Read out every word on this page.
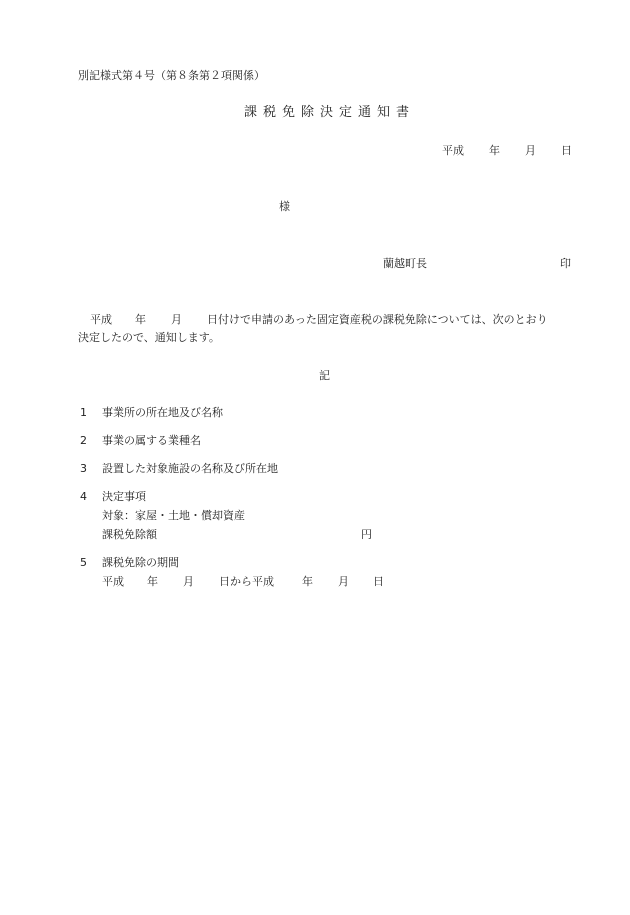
別記様式第４号（第８条第２項関係）
課税免除決定通知書
平成 年 月 日
様
蘭越町長	印
平成 年 月 日付けで申請のあった固定資産税の課税免除については、次のとおり
決定したので、通知します。
記
1 事業所の所在地及び名称
2 事業の属する業種名
3 設置した対象施設の名称及び所在地
4 決定事項
対象：家屋・土地・償却資産
課税免除額	円
5 課税免除の期間
平成 年 月 日から平成	年 月 日
